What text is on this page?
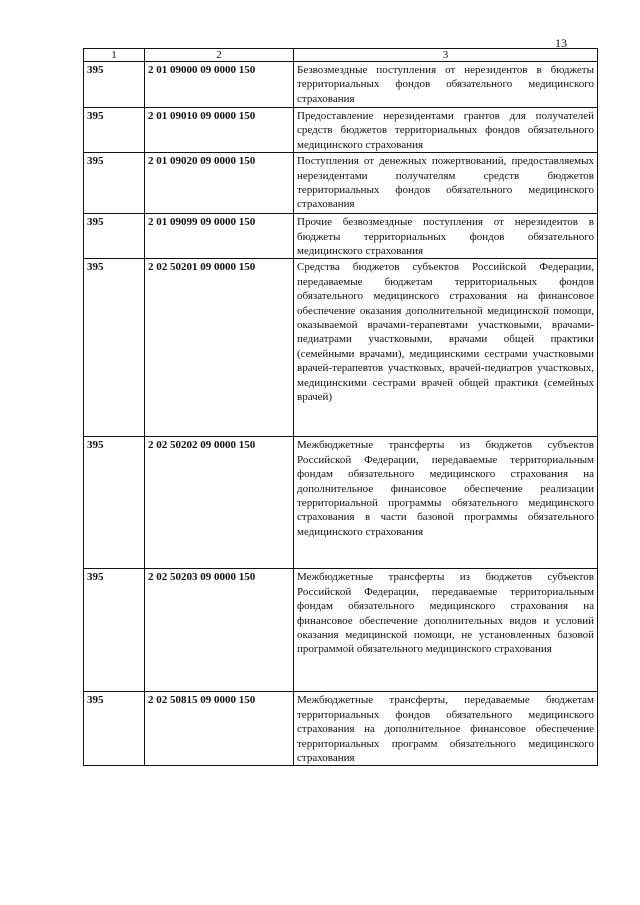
13
1	2	3
395	2 01 09000 09 0000 150	Безвозмездные поступления от нерезидентов в бюджеты территориальных фондов обязательного медицинского страхования
395	2 01 09010 09 0000 150	Предоставление нерезидентами грантов для получателей средств бюджетов территориальных фондов обязательного медицинского страхования
395	2 01 09020 09 0000 150	Поступления от денежных пожертвований, предоставляемых нерезидентами получателям средств бюджетов территориальных фондов обязательного медицинского страхования
395	2 01 09099 09 0000 150	Прочие безвозмездные поступления от нерезидентов в бюджеты территориальных фондов обязательного медицинского страхования
395	2 02 50201 09 0000 150	Средства бюджетов субъектов Российской Федерации, передаваемые бюджетам территориальных фондов обязательного медицинского страхования на финансовое обеспечение оказания дополнительной медицинской помощи, оказываемой врачами-терапевтами участковыми, врачами-педиатрами участковыми, врачами общей практики (семейными врачами), медицинскими сестрами участковыми врачей-терапевтов участковых, врачей-педиатров участковых, медицинскими сестрами врачей общей практики (семейных врачей)
395	2 02 50202 09 0000 150	Межбюджетные трансферты из бюджетов субъектов Российской Федерации, передаваемые территориальным фондам обязательного медицинского страхования на дополнительное финансовое обеспечение реализации территориальной программы обязательного медицинского страхования в части базовой программы обязательного медицинского страхования
395	2 02 50203 09 0000 150	Межбюджетные трансферты из бюджетов субъектов Российской Федерации, передаваемые территориальным фондам обязательного медицинского страхования на финансовое обеспечение дополнительных видов и условий оказания медицинской помощи, не установленных базовой программой обязательного медицинского страхования
395	2 02 50815 09 0000 150	Межбюджетные трансферты, передаваемые бюджетам территориальных фондов обязательного медицинского страхования на дополнительное финансовое обеспечение территориальных программ обязательного медицинского страхования
